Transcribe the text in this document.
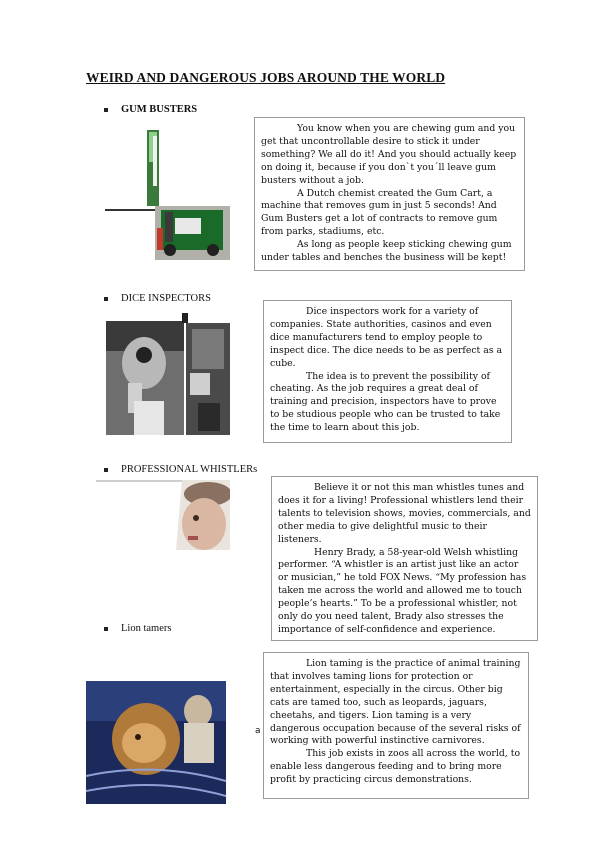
WEIRD AND DANGEROUS JOBS AROUND THE WORLD
GUM BUSTERS

You know when you are chewing gum and you get that uncontrollable desire to stick it under something? We all do it! And you should actually keep on doing it, because if you don`t you´ll leave gum busters without a job.

A Dutch chemist created the Gum Cart, a machine that removes gum in just 5 seconds! And Gum Busters get a lot of contracts to remove gum from parks, stadiums, etc.

As long as people keep sticking chewing gum under tables and benches the business will be kept!

DICE INSPECTORS

Dice inspectors work for a variety of companies. State authorities, casinos and even dice manufacturers tend to employ people to inspect dice. The dice needs to be as perfect as a cube.

The idea is to prevent the possibility of cheating. As the job requires a great deal of training and precision, inspectors have to prove to be studious people who can be trusted to take the time to learn about this job.

PROFESSIONAL WHISTLERs

Believe it or not this man whistles tunes and does it for a living! Professional whistlers lend their talents to television shows, movies, commercials, and other media to give delightful music to their listeners.

Henry Brady, a 58-year-old Welsh whistling performer. “A whistler is an artist just like an actor or musician,” he told FOX News. “My profession has taken me across the world and allowed me to touch people’s hearts.” To be a professional whistler, not only do you need talent, Brady also stresses the importance of self-confidence and experience.

Lion tamers

Lion taming is the practice of animal training that involves taming lions for protection or entertainment, especially in the circus. Other big cats are tamed too, such as leopards, jaguars, cheetahs, and tigers. Lion taming is a very dangerous occupation because of the several risks of working with powerful instinctive carnivores.

This job exists in zoos all across the world, to enable less dangerous feeding and to bring more profit by practicing circus demonstrations.

a
